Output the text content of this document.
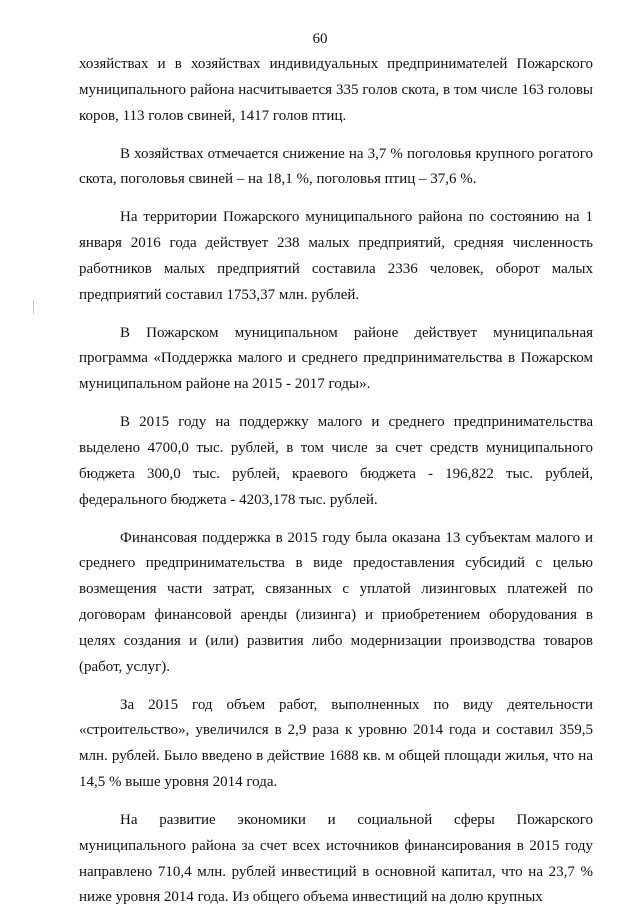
60

хозяйствах и в хозяйствах индивидуальных предпринимателей Пожарского муниципального района насчитывается 335 голов скота, в том числе 163 головы коров, 113 голов свиней, 1417 голов птиц.

В хозяйствах отмечается снижение на 3,7 % поголовья крупного рогатого скота, поголовья свиней – на 18,1 %, поголовья птиц – 37,6 %.

На территории Пожарского муниципального района по состоянию на 1 января 2016 года действует 238 малых предприятий, средняя численность работников малых предприятий составила 2336 человек, оборот малых предприятий составил 1753,37 млн. рублей.

В Пожарском муниципальном районе действует муниципальная программа «Поддержка малого и среднего предпринимательства в Пожарском муниципальном районе на 2015 - 2017 годы».

В 2015 году на поддержку малого и среднего предпринимательства выделено 4700,0 тыс. рублей, в том числе за счет средств муниципального бюджета 300,0 тыс. рублей, краевого бюджета - 196,822 тыс. рублей, федерального бюджета - 4203,178 тыс. рублей.

Финансовая поддержка в 2015 году была оказана 13 субъектам малого и среднего предпринимательства в виде предоставления субсидий с целью возмещения части затрат, связанных с уплатой лизинговых платежей по договорам финансовой аренды (лизинга) и приобретением оборудования в целях создания и (или) развития либо модернизации производства товаров (работ, услуг).

За 2015 год объем работ, выполненных по виду деятельности «строительство», увеличился в 2,9 раза к уровню 2014 года и составил 359,5 млн. рублей. Было введено в действие 1688 кв. м общей площади жилья, что на 14,5 % выше уровня 2014 года.

На развитие экономики и социальной сферы Пожарского муниципального района за счет всех источников финансирования в 2015 году направлено 710,4 млн. рублей инвестиций в основной капитал, что на 23,7 % ниже уровня 2014 года. Из общего объема инвестиций на долю крупных
